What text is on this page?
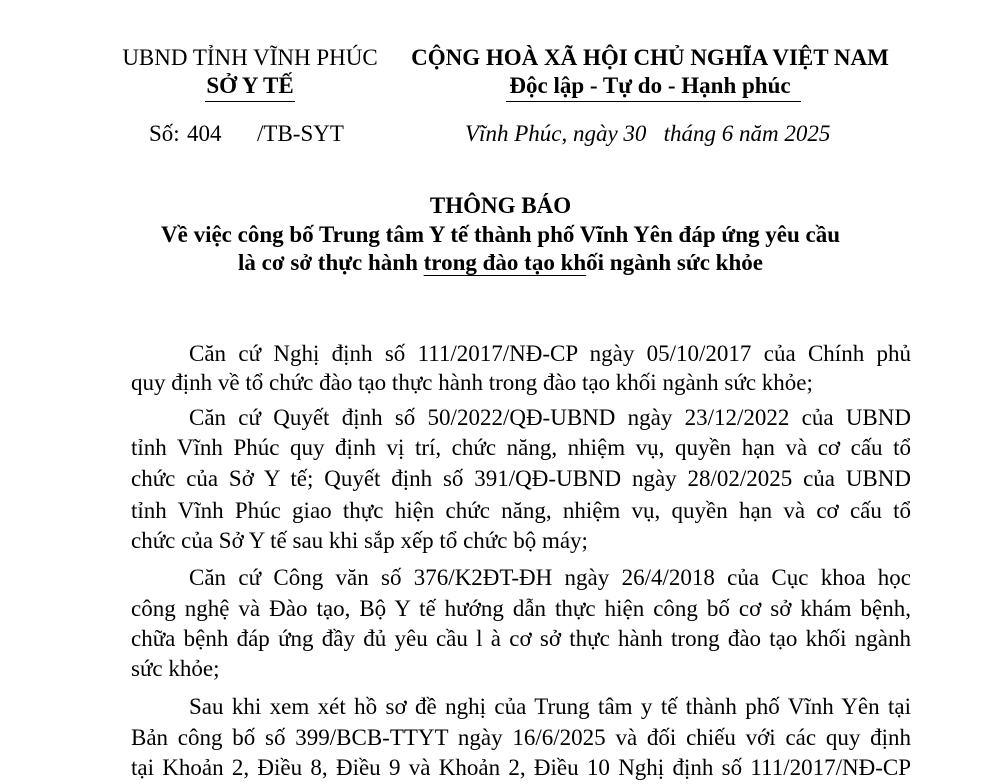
UBND TỈNH VĨNH PHÚC
SỞ Y TẾ
CỘNG HOÀ XÃ HỘI CHỦ NGHĨA VIỆT NAM
Độc lập - Tự do - Hạnh phúc
Số: 404 /TB-SYT	Vĩnh Phúc, ngày 30   tháng 6 năm 2025
THÔNG BÁO
Về việc công bố Trung tâm Y tế thành phố Vĩnh Yên đáp ứng yêu cầu
là cơ sở thực hành trong đào tạo khối ngành sức khỏe
Căn cứ Nghị định số 111/2017/NĐ-CP ngày 05/10/2017 của Chính phủ
quy định về tổ chức đào tạo thực hành trong đào tạo khối ngành sức khỏe;
Căn cứ Quyết định số 50/2022/QĐ-UBND ngày 23/12/2022 của UBND
tỉnh Vĩnh Phúc quy định vị trí, chức năng, nhiệm vụ, quyền hạn và cơ cấu tổ
chức của Sở Y tế; Quyết định số 391/QĐ-UBND ngày 28/02/2025 của UBND
tỉnh Vĩnh Phúc giao thực hiện chức năng, nhiệm vụ, quyền hạn và cơ cấu tổ
chức của Sở Y tế sau khi sắp xếp tổ chức bộ máy;
Căn cứ Công văn số 376/K2ĐT-ĐH ngày 26/4/2018 của Cục khoa học
công nghệ và Đào tạo, Bộ Y tế hướng dẫn thực hiện công bố cơ sở khám bệnh,
chữa bệnh đáp ứng đầy đủ yêu cầu l à cơ sở thực hành trong đào tạo khối ngành
sức khỏe;
Sau khi xem xét hồ sơ đề nghị của Trung tâm y tế thành phố Vĩnh Yên tại
Bản công bố số 399/BCB-TTYT ngày 16/6/2025 và đối chiếu với các quy định
tại Khoản 2, Điều 8, Điều 9 và Khoản 2, Điều 10 Nghị định số 111/2017/NĐ-CP
